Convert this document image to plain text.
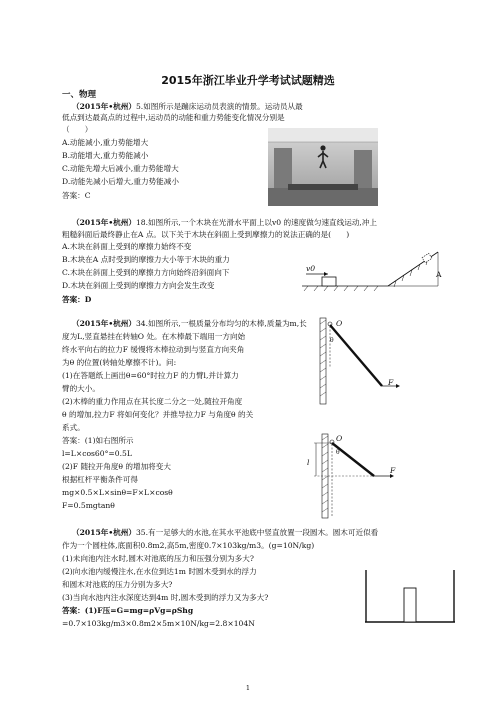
2015年浙江毕业升学考试试题精选
一、物理
（2015年•杭州）5.如图所示是蹦床运动员表演的情景。运动员从最
低点到达最高点的过程中,运动员的动能和重力势能变化情况分别是
（　　）
A.动能减小,重力势能增大
B.动能增大,重力势能减小
C.动能先增大后减小,重力势能增大
D.动能先减小后增大,重力势能减小
答案：C
（2015年•杭州）18.如图所示,一个木块在光滑水平面上以v0 的速度做匀速直线运动,冲上
粗糙斜面后最终静止在A 点。以下关于木块在斜面上受到摩擦力的说法正确的是(　　)
A.木块在斜面上受到的摩擦力始终不变
B.木块在A 点时受到的摩擦力大小等于木块的重力
C.木块在斜面上受到的摩擦力方向始终沿斜面向下
D.木块在斜面上受到的摩擦力方向会发生改变
答案：D
v0
A
（2015年•杭州）34.如图所示,一根质量分布均匀的木棒,质量为m,长
度为L,竖直悬挂在转轴O 处。在木棒最下端用一方向始
终水平向右的拉力F 缓慢将木棒拉动到与竖直方向夹角
为θ 的位置(转轴处摩擦不计)。问:
(1)在答题纸上画出θ=60°时拉力F 的力臂l,并计算力
臂的大小。
(2)木棒的重力作用点在其长度二分之一处,随拉开角度
θ 的增加,拉力F 将如何变化？并推导拉力F 与角度θ 的关
系式。
答案：(1)如右图所示
l=L×cos60°=0.5L
(2)F 随拉开角度θ 的增加将变大
根据杠杆平衡条件可得
mg×0.5×L×sinθ=F×L×cosθ
F=0.5mgtanθ
O
F
θ
O
F
l
θ
（2015年•杭州）35.有一足够大的水池,在其水平池底中竖直放置一段圆木。圆木可近似看
作为一个圆柱体,底面积0.8m2,高5m,密度0.7×103kg/m3。(g=10N/kg)
(1)未向池内注水时,圆木对池底的压力和压强分别为多大?
(2)向水池内缓慢注水,在水位到达1m 时圆木受到水的浮力
和圆木对池底的压力分别为多大?
(3)当向水池内注水深度达到4m 时,圆木受到的浮力又为多大?
答案：(1)F压=G=mg=ρVg=ρShg
=0.7×103kg/m3×0.8m2×5m×10N/kg=2.8×104N
1
